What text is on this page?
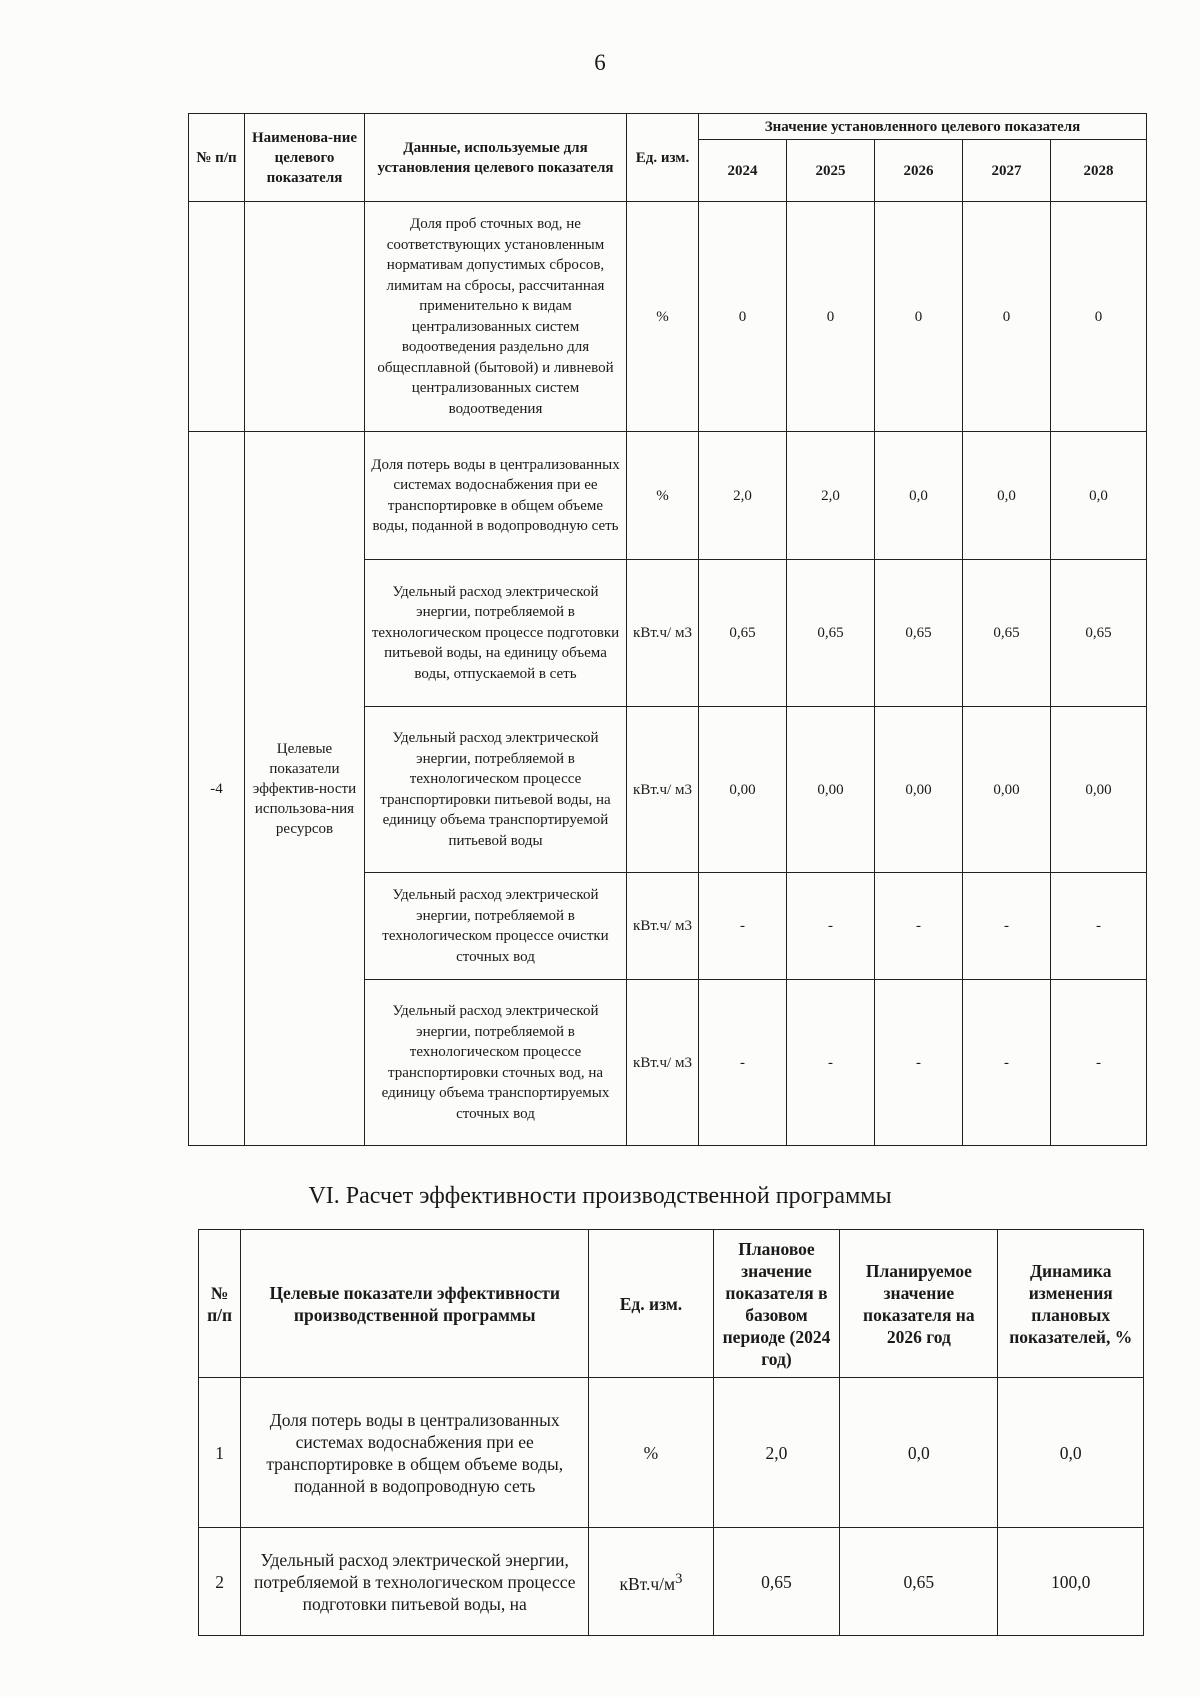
6
№ п/п	Наименова-ние целевого показателя	Данные, используемые для установления целевого показателя	Ед. изм.	Значение установленного целевого показателя				
				2024	2025	2026	2027	2028
		Доля проб сточных вод, не соответствующих установленным нормативам допустимых сбросов, лимитам на сбросы, рассчитанная применительно к видам централизованных систем водоотведения раздельно для общесплавной (бытовой) и ливневой централизованных систем водоотведения	%	0	0	0	0	0
-4	Целевые показатели эффектив-ности использова-ния ресурсов	Доля потерь воды в централизованных системах водоснабжения при ее транспортировке в общем объеме воды, поданной в водопроводную сеть	%	2,0	2,0	0,0	0,0	0,0
		Удельный расход электрической энергии, потребляемой в технологическом процессе подготовки питьевой воды, на единицу объема воды, отпускаемой в сеть	кВт.ч/ м3	0,65	0,65	0,65	0,65	0,65
		Удельный расход электрической энергии, потребляемой в технологическом процессе транспортировки питьевой воды, на единицу объема транспортируемой питьевой воды	кВт.ч/ м3	0,00	0,00	0,00	0,00	0,00
		Удельный расход электрической энергии, потребляемой в технологическом процессе очистки сточных вод	кВт.ч/ м3	-	-	-	-	-
		Удельный расход электрической энергии, потребляемой в технологическом процессе транспортировки сточных вод, на единицу объема транспортируемых сточных вод	кВт.ч/ м3	-	-	-	-	-
VI. Расчет эффективности производственной программы
№ п/п	Целевые показатели эффективности производственной программы	Ед. изм.	Плановое значение показателя в базовом периоде (2024 год)	Планируемое значение показателя на 2026 год	Динамика изменения плановых показателей, %
1	Доля потерь воды в централизованных системах водоснабжения при ее транспортировке в общем объеме воды, поданной в водопроводную сеть	%	2,0	0,0	0,0
2	Удельный расход электрической энергии, потребляемой в технологическом процессе подготовки питьевой воды, на	$кВт.ч/м^3$	0,65	0,65	100,0
